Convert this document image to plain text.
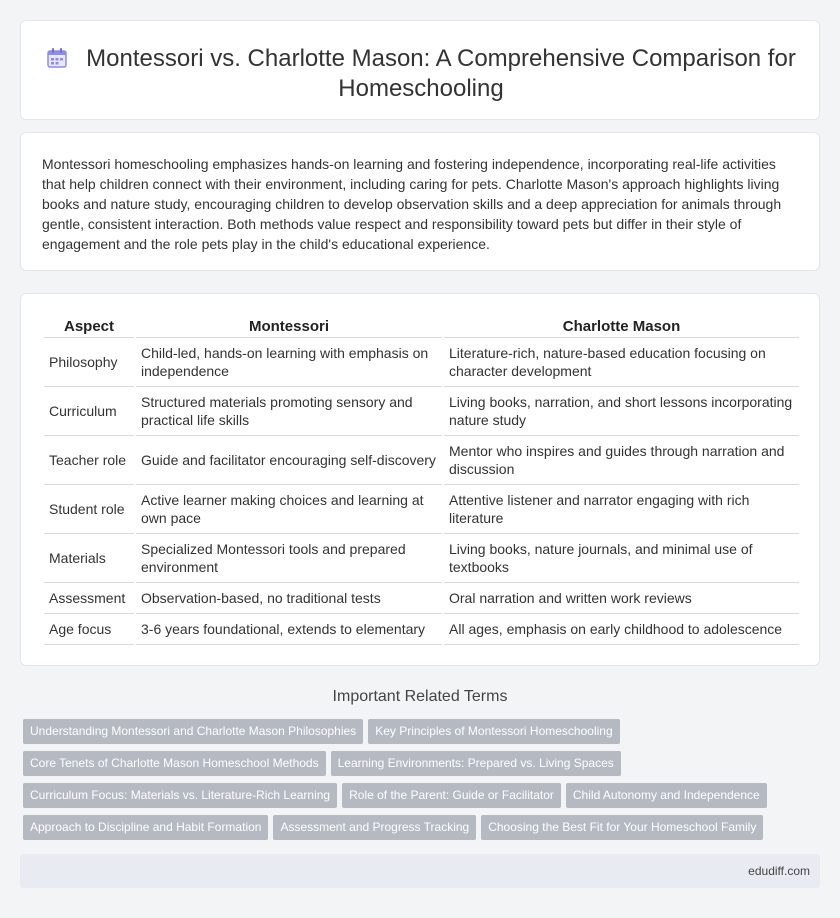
Montessori vs. Charlotte Mason: A Comprehensive Comparison for Homeschooling

Montessori homeschooling emphasizes hands-on learning and fostering independence, incorporating real-life activities that help children connect with their environment, including caring for pets. Charlotte Mason's approach highlights living books and nature study, encouraging children to develop observation skills and a deep appreciation for animals through gentle, consistent interaction. Both methods value respect and responsibility toward pets but differ in their style of engagement and the role pets play in the child's educational experience.

Aspect	Montessori	Charlotte Mason
Philosophy	Child-led, hands-on learning with emphasis on independence	Literature-rich, nature-based education focusing on character development
Curriculum	Structured materials promoting sensory and practical life skills	Living books, narration, and short lessons incorporating nature study
Teacher role	Guide and facilitator encouraging self-discovery	Mentor who inspires and guides through narration and discussion
Student role	Active learner making choices and learning at own pace	Attentive listener and narrator engaging with rich literature
Materials	Specialized Montessori tools and prepared environment	Living books, nature journals, and minimal use of textbooks
Assessment	Observation-based, no traditional tests	Oral narration and written work reviews
Age focus	3-6 years foundational, extends to elementary	All ages, emphasis on early childhood to adolescence
Important Related Terms
Understanding Montessori and Charlotte Mason Philosophies Key Principles of Montessori Homeschooling
Core Tenets of Charlotte Mason Homeschool Methods Learning Environments: Prepared vs. Living Spaces
Curriculum Focus: Materials vs. Literature-Rich Learning Role of the Parent: Guide or Facilitator Child Autonomy and Independence
Approach to Discipline and Habit Formation Assessment and Progress Tracking Choosing the Best Fit for Your Homeschool Family
edudiff.com
